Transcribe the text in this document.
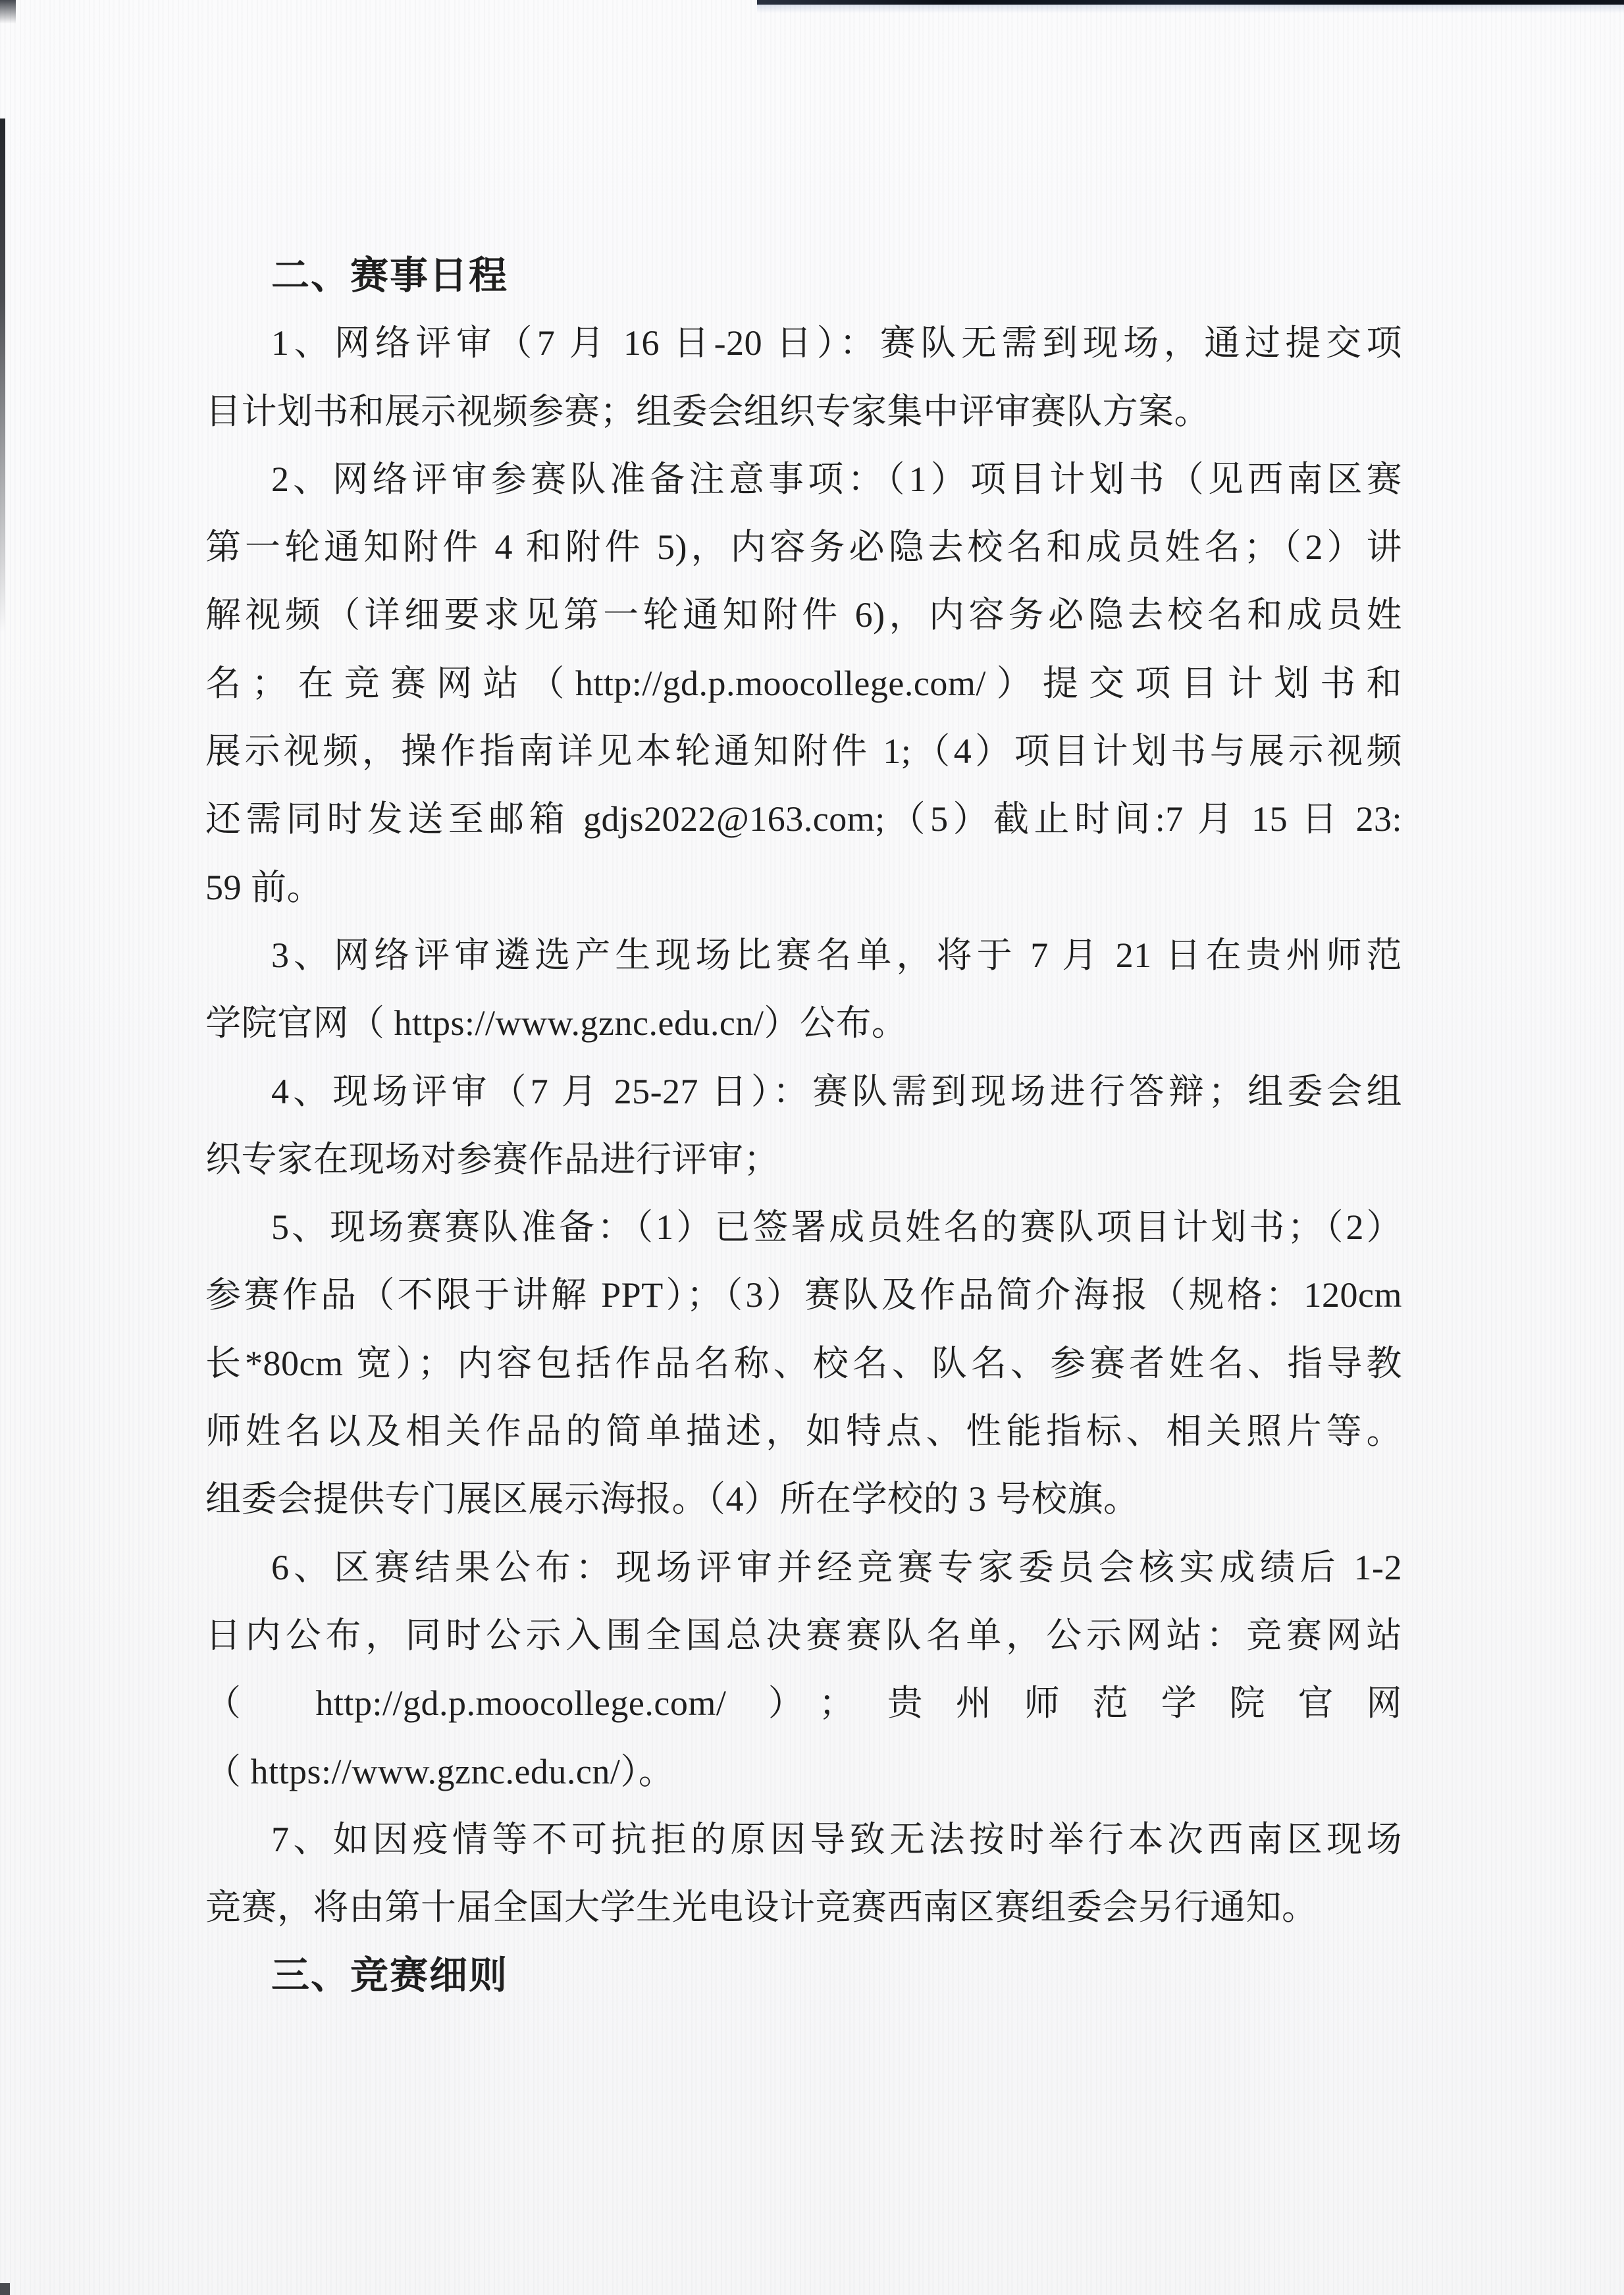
二、赛事日程
1、网络评审（7 月 16 日-20 日）：赛队无需到现场，通过提交项
目计划书和展示视频参赛；组委会组织专家集中评审赛队方案。
2、网络评审参赛队准备注意事项：（1）项目计划书（见西南区赛
第一轮通知附件 4 和附件 5)，内容务必隐去校名和成员姓名；（2）讲
解视频（详细要求见第一轮通知附件 6)，内容务必隐去校名和成员姓
名；在竞赛网站（http://gd.p.moocollege.com/）提交项目计划书和
展示视频，操作指南详见本轮通知附件 1;（4）项目计划书与展示视频
还需同时发送至邮箱 gdjs2022@163.com;（5）截止时间:7 月 15 日 23:
59 前。
3、网络评审遴选产生现场比赛名单，将于 7 月 21 日在贵州师范
学院官网（ https://www.gznc.edu.cn/）公布。
4、现场评审（7 月 25-27 日）：赛队需到现场进行答辩；组委会组
织专家在现场对参赛作品进行评审；
5、现场赛赛队准备：（1）已签署成员姓名的赛队项目计划书；（2）
参赛作品（不限于讲解 PPT）；（3）赛队及作品简介海报（规格：120cm
长*80cm 宽）；内容包括作品名称、校名、队名、参赛者姓名、指导教
师姓名以及相关作品的简单描述，如特点、性能指标、相关照片等。
组委会提供专门展区展示海报。（4）所在学校的 3 号校旗。
6、区赛结果公布：现场评审并经竞赛专家委员会核实成绩后 1-2
日内公布，同时公示入围全国总决赛赛队名单，公示网站：竞赛网站
（ http://gd.p.moocollege.com/ ）；贵州师范学院官网
（ https://www.gznc.edu.cn/）。
7、如因疫情等不可抗拒的原因导致无法按时举行本次西南区现场
竞赛，将由第十届全国大学生光电设计竞赛西南区赛组委会另行通知。
三、竞赛细则
